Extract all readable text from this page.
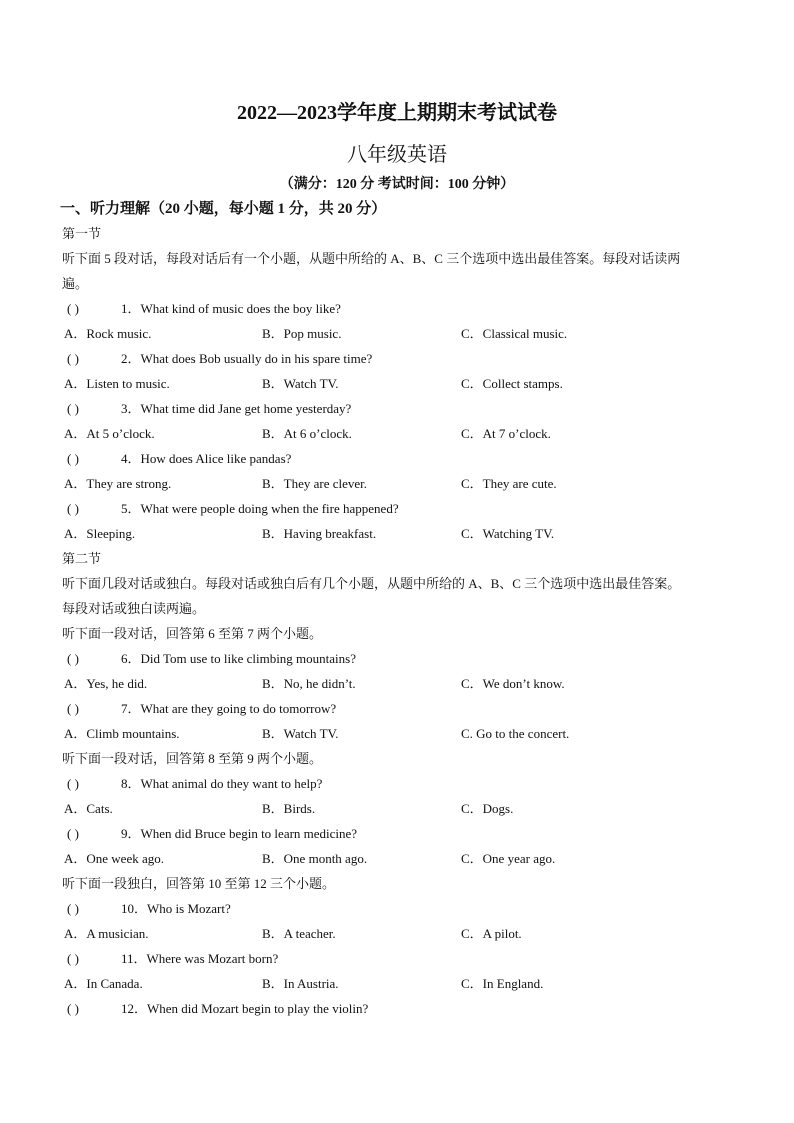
2022—2023学年度上期期末考试试卷
八年级英语
（满分：120 分 考试时间：100 分钟）
一、听力理解（20 小题，每小题 1 分，共 20 分）
第一节
听下面 5 段对话，每段对话后有一个小题，从题中所给的 A、B、C 三个选项中选出最佳答案。每段对话读两
遍。
( )	1．What kind of music does the boy like?
A．Rock music.	B．Pop music.	C．Classical music.
( )	2．What does Bob usually do in his spare time?
A．Listen to music.	B．Watch TV.	C．Collect stamps.
( )	3．What time did Jane get home yesterday?
A．At 5 o’clock.	B．At 6 o’clock.	C．At 7 o’clock.
( )	4．How does Alice like pandas?
A．They are strong.	B．They are clever.	C．They are cute.
( )	5．What were people doing when the fire happened?
A．Sleeping.	B．Having breakfast.	C．Watching TV.
第二节
听下面几段对话或独白。每段对话或独白后有几个小题，从题中所给的 A、B、C 三个选项中选出最佳答案。
每段对话或独白读两遍。
听下面一段对话，回答第 6 至第 7 两个小题。
( )	6．Did Tom use to like climbing mountains?
A．Yes, he did.	B．No, he didn’t.	C．We don’t know.
( )	7．What are they going to do tomorrow?
A．Climb mountains.	B．Watch TV.	C. Go to the concert.
听下面一段对话，回答第 8 至第 9 两个小题。
( )	8．What animal do they want to help?
A．Cats.	B．Birds.	C．Dogs.
( )	9．When did Bruce begin to learn medicine?
A．One week ago.	B．One month ago.	C．One year ago.
听下面一段独白，回答第 10 至第 12 三个小题。
( )	10．Who is Mozart?
A．A musician.	B．A teacher.	C．A pilot.
( )	11．Where was Mozart born?
A．In Canada.	B．In Austria.	C．In England.
( )	12．When did Mozart begin to play the violin?
